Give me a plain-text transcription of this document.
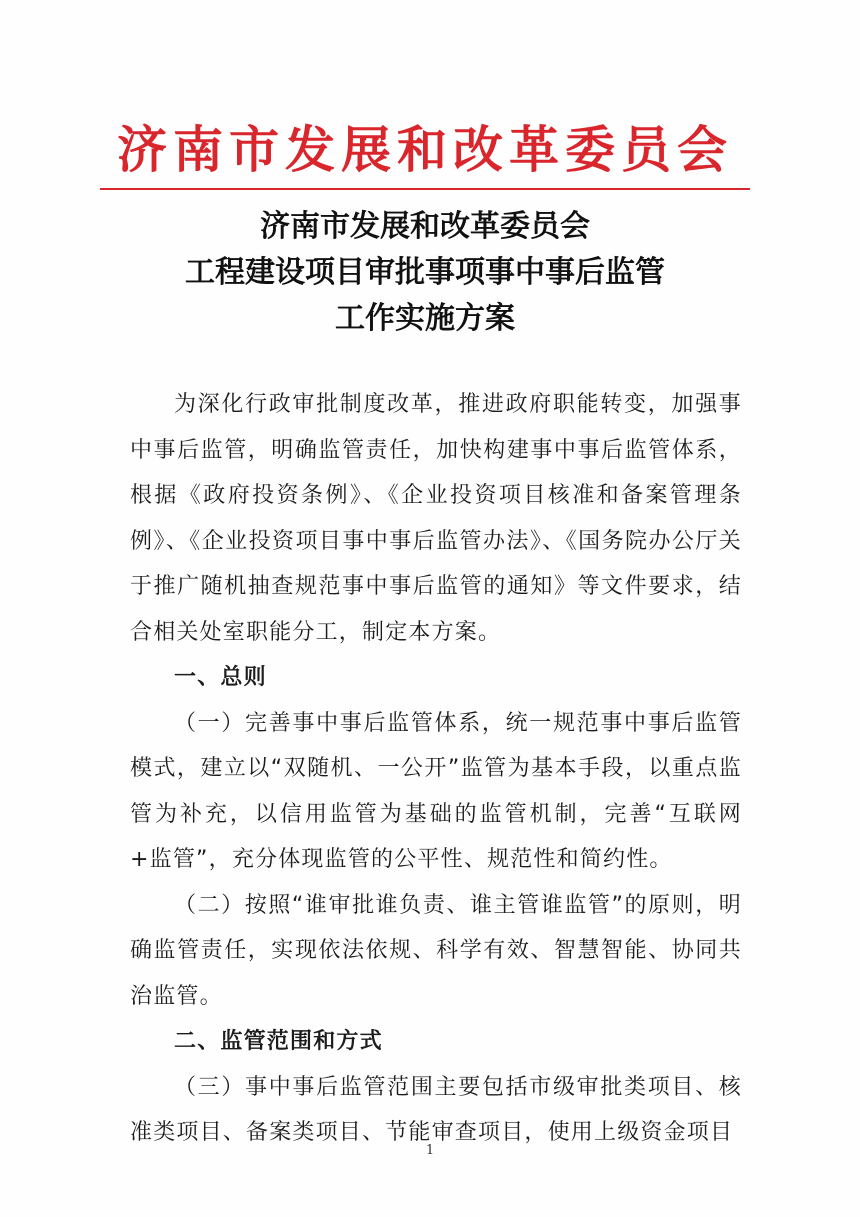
济南市发展和改革委员会
济南市发展和改革委员会
工程建设项目审批事项事中事后监管
工作实施方案

为深化行政审批制度改革，推进政府职能转变，加强事中事后监管，明确监管责任，加快构建事中事后监管体系，根据《政府投资条例》、《企业投资项目核准和备案管理条例》、《企业投资项目事中事后监管办法》、《国务院办公厅关于推广随机抽查规范事中事后监管的通知》等文件要求，结合相关处室职能分工，制定本方案。

一、总则

（一）完善事中事后监管体系，统一规范事中事后监管模式，建立以“双随机、一公开”监管为基本手段，以重点监管为补充，以信用监管为基础的监管机制，完善“互联网+监管”，充分体现监管的公平性、规范性和简约性。

（二）按照“谁审批谁负责、谁主管谁监管”的原则，明确监管责任，实现依法依规、科学有效、智慧智能、协同共治监管。

二、监管范围和方式

（三）事中事后监管范围主要包括市级审批类项目、核准类项目、备案类项目、节能审查项目，使用上级资金项目

1
